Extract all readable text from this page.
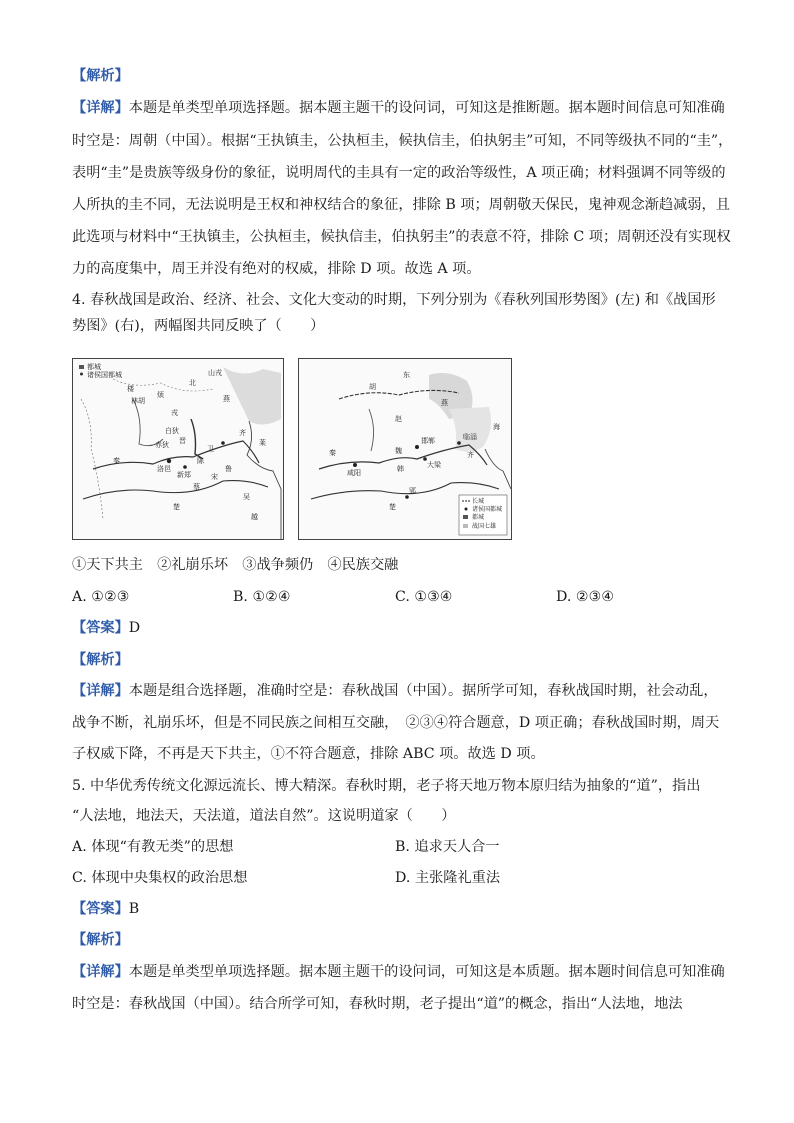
【解析】
【详解】本题是单类型单项选择题。据本题主题干的设问词，可知这是推断题。据本题时间信息可知准确
时空是：周朝（中国）。根据“王执镇圭，公执桓圭，候执信圭，伯执躬圭”可知，不同等级执不同的“圭”，
表明“圭”是贵族等级身份的象征，说明周代的圭具有一定的政治等级性，A 项正确；材料强调不同等级的
人所执的圭不同，无法说明是王权和神权结合的象征，排除 B 项；周朝敬天保民，鬼神观念渐趋减弱，且
此选项与材料中“王执镇圭，公执桓圭，候执信圭，伯执躬圭”的表意不符，排除 C 项；周朝还没有实现权
力的高度集中，周王并没有绝对的权威，排除 D 项。故选 A 项。
4. 春秋战国是政治、经济、社会、文化大变动的时期，下列分别为《春秋列国形势图》(左) 和《战国形
势图》(右)，两幅图共同反映了（　　）
都城
诸侯国都城	山戎
楼
林胡
烦
戎
北
燕
白狄
赤狄 晋
卫
鲁
齐
莱
洛邑
新郑	宋
陈
蔡
吴
越
楚
秦
东
胡
燕
赵
魏
韩
齐
秦
楚
邯郸
大梁
临淄
咸阳
郢
海
长城
诸侯国都城
都城
战国七雄
①天下共主　②礼崩乐坏　③战争频仍　④民族交融
A. ①②③	B. ①②④	C. ①③④	D. ②③④
【答案】D
【解析】
【详解】本题是组合选择题，准确时空是：春秋战国（中国）。据所学可知，春秋战国时期，社会动乱，
战争不断，礼崩乐坏，但是不同民族之间相互交融，　②③④符合题意，D 项正确；春秋战国时期，周天
子权威下降，不再是天下共主，①不符合题意，排除 ABC 项。故选 D 项。
5. 中华优秀传统文化源远流长、博大精深。春秋时期，老子将天地万物本原归结为抽象的“道”，指出
“人法地，地法天，天法道，道法自然”。这说明道家（　　）
A. 体现“有教无类”的思想	B. 追求天人合一
C. 体现中央集权的政治思想	D. 主张隆礼重法
【答案】B
【解析】
【详解】本题是单类型单项选择题。据本题主题干的设问词，可知这是本质题。据本题时间信息可知准确
时空是：春秋战国（中国）。结合所学可知，春秋时期，老子提出“道”的概念，指出“人法地，地法
